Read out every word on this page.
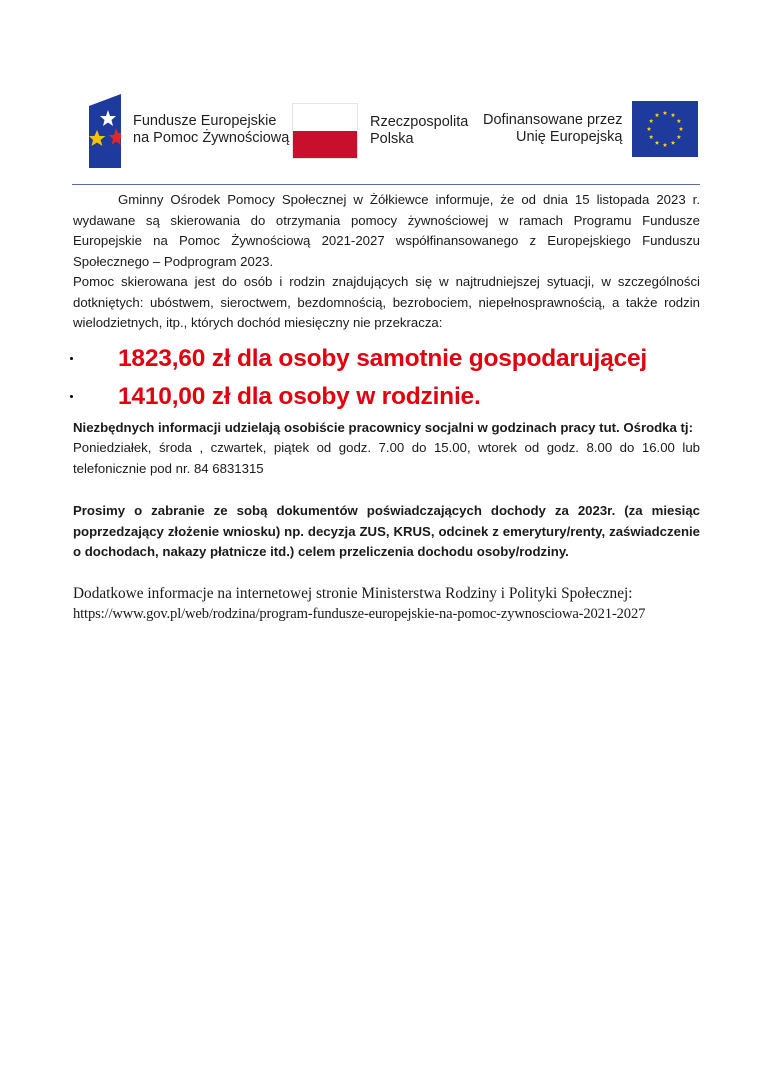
Fundusze Europejskie
na Pomoc Żywnościową
Rzeczpospolita
Polska
Dofinansowane przez
Unię Europejską

Gminny Ośrodek Pomocy Społecznej w Żółkiewce informuje, że od dnia 15 listopada 2023 r. wydawane są skierowania do otrzymania pomocy żywnościowej w ramach Programu Fundusze Europejskie na Pomoc Żywnościową 2021-2027 współfinansowanego z Europejskiego Funduszu Społecznego – Podprogram 2023.

Pomoc skierowana jest do osób i rodzin znajdujących się w najtrudniejszej sytuacji, w szczególności dotkniętych: ubóstwem, sieroctwem, bezdomnością, bezrobociem, niepełnosprawnością, a także rodzin wielodzietnych, itp., których dochód miesięczny nie przekracza:

1823,60 zł dla osoby samotnie gospodarującej
1410,00 zł dla osoby w rodzinie.

Niezbędnych informacji udzielają osobiście pracownicy socjalni w godzinach pracy tut. Ośrodka tj:

Poniedziałek, środa , czwartek, piątek od godz. 7.00 do 15.00, wtorek od godz. 8.00 do 16.00 lub telefonicznie pod nr. 84 6831315

Prosimy o zabranie ze sobą dokumentów poświadczających dochody za 2023r. (za miesiąc poprzedzający złożenie wniosku) np. decyzja ZUS, KRUS, odcinek z emerytury/renty, zaświadczenie o dochodach, nakazy płatnicze itd.) celem przeliczenia dochodu osoby/rodziny.

Dodatkowe informacje na internetowej stronie Ministerstwa Rodziny i Polityki Społecznej:

https://www.gov.pl/web/rodzina/program-fundusze-europejskie-na-pomoc-zywnosciowa-2021-2027
